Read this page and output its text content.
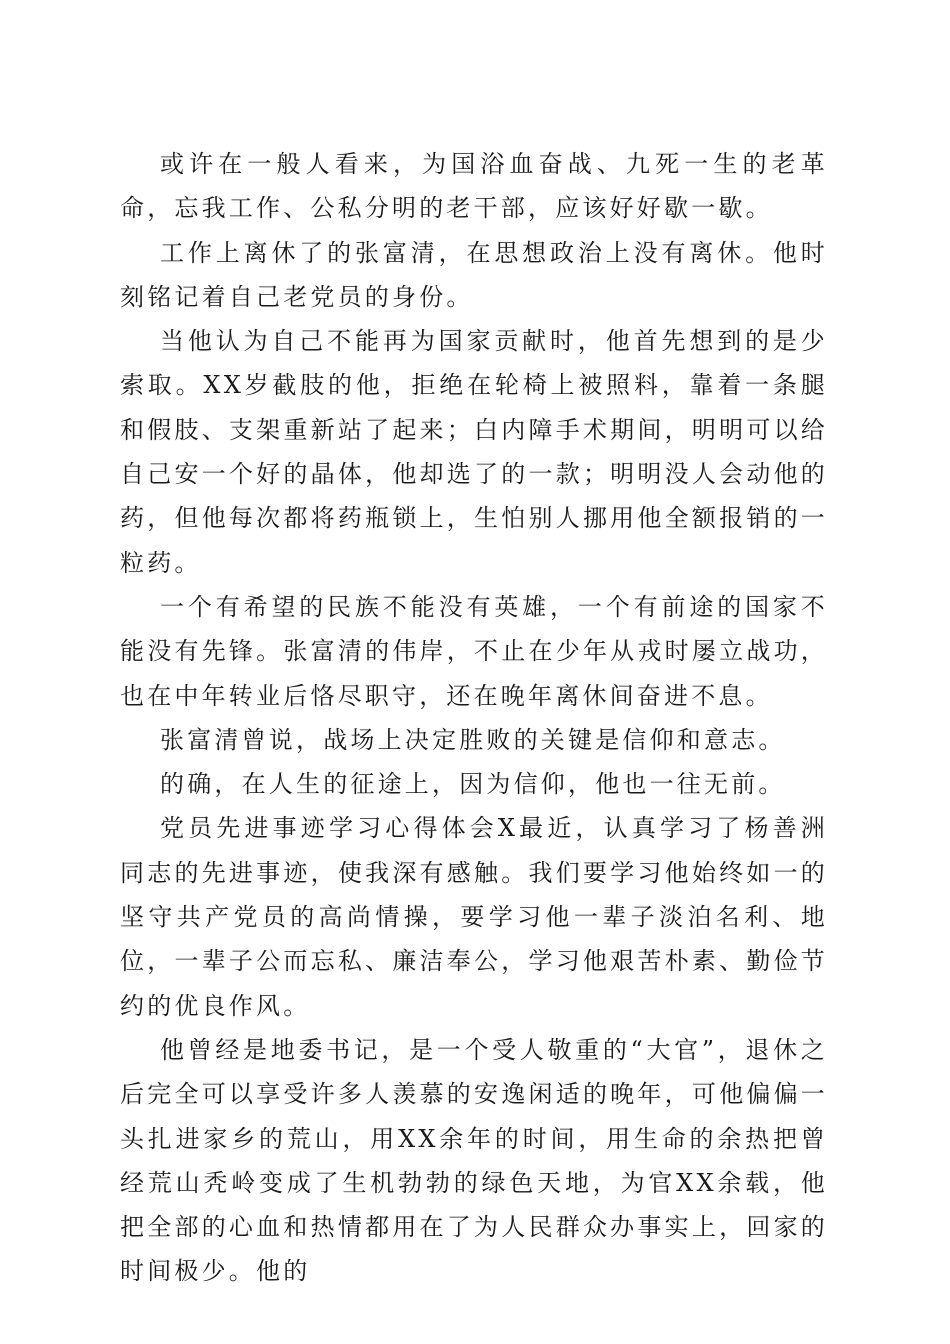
或许在一般人看来，为国浴血奋战、九死一生的老革命，忘我工作、公私分明的老干部，应该好好歇一歇。

工作上离休了的张富清，在思想政治上没有离休。他时刻铭记着自己老党员的身份。

当他认为自己不能再为国家贡献时，他首先想到的是少索取。XX岁截肢的他，拒绝在轮椅上被照料，靠着一条腿和假肢、支架重新站了起来；白内障手术期间，明明可以给自己安一个好的晶体，他却选了的一款；明明没人会动他的药，但他每次都将药瓶锁上，生怕别人挪用他全额报销的一粒药。

一个有希望的民族不能没有英雄，一个有前途的国家不能没有先锋。张富清的伟岸，不止在少年从戎时屡立战功，也在中年转业后恪尽职守，还在晚年离休间奋进不息。

张富清曾说，战场上决定胜败的关键是信仰和意志。

的确，在人生的征途上，因为信仰，他也一往无前。

党员先进事迹学习心得体会X最近，认真学习了杨善洲同志的先进事迹，使我深有感触。我们要学习他始终如一的坚守共产党员的高尚情操，要学习他一辈子淡泊名利、地位，一辈子公而忘私、廉洁奉公，学习他艰苦朴素、勤俭节约的优良作风。

他曾经是地委书记，是一个受人敬重的“大官”，退休之后完全可以享受许多人羡慕的安逸闲适的晚年，可他偏偏一头扎进家乡的荒山，用XX余年的时间，用生命的余热把曾经荒山秃岭变成了生机勃勃的绿色天地，为官XX余载，他把全部的心血和热情都用在了为人民群众办事实上，回家的时间极少。他的
